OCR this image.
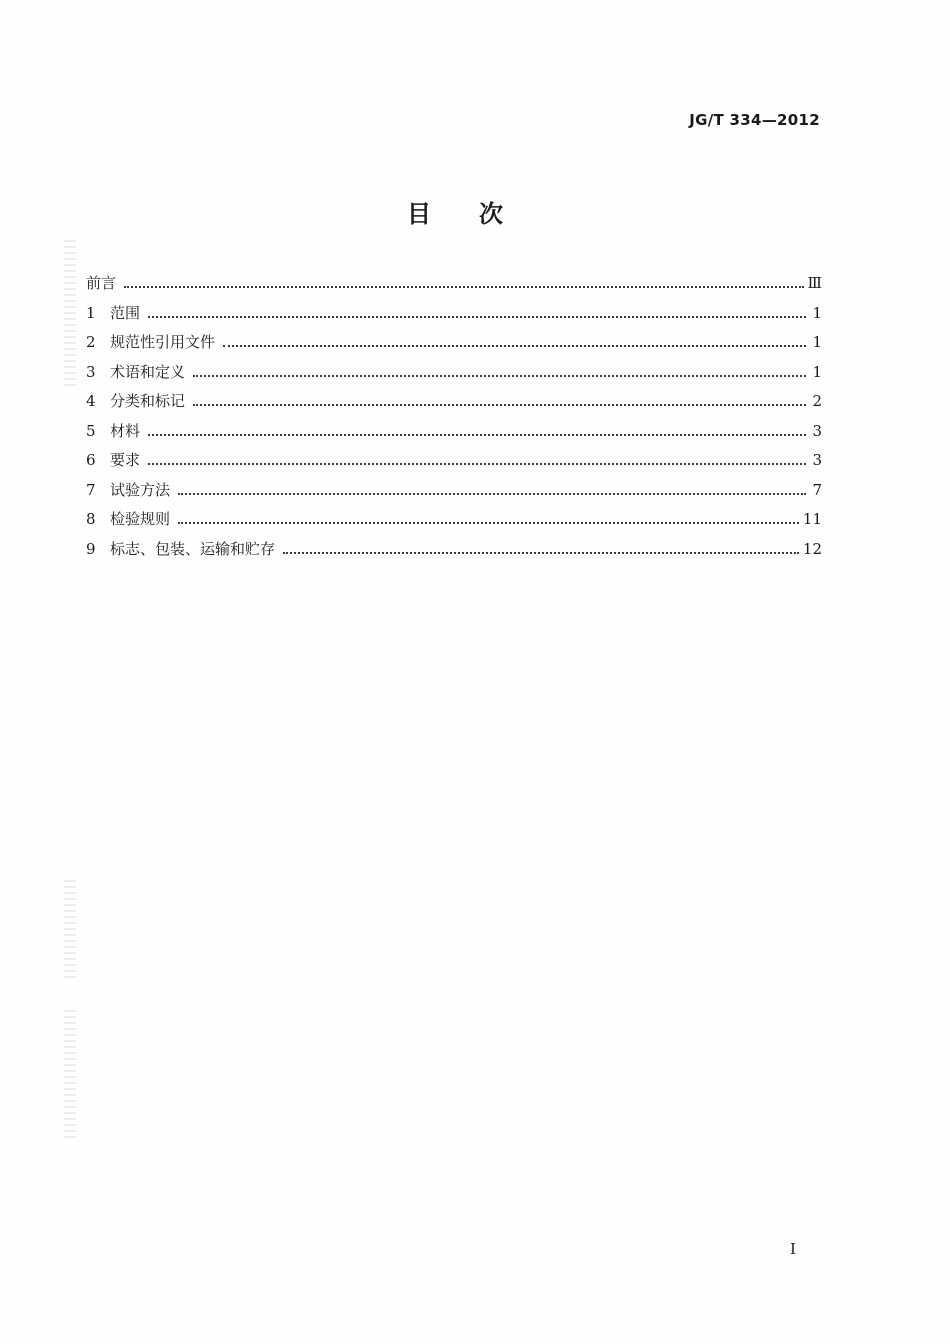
JG/T 334—2012
目次
前言	Ⅲ
1 范围	1
2 规范性引用文件	1
3 术语和定义	1
4 分类和标记	2
5 材料	3
6 要求	3
7 试验方法	7
8 检验规则	11
9 标志、包装、运输和贮存	12
Ⅰ
